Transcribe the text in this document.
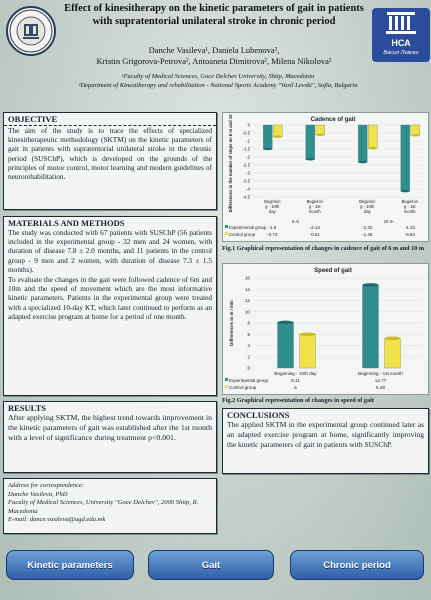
НСА
Васил Левски
Effect of kinesitherapy on the kinetic parameters of gait in patients with supratentorial unilateral stroke in chronic period
Danche Vasileva¹, Daniela Lubenova²,
Kristin Grigorova-Petrova², Antoaneta Dimitrova², Milena Nikolova²
¹Faculty of Medical Sciences, Goce Delchev University, Shtip, Macedonia
²Department of Kinesitherapy and rehabilitation - National Sports Academy "Vasil Levski", Sofia, Bulgaria
OBJECTIVE
The aim of the study is to trace the effects of specialized kinesitherapeutic methodology (SKTM) on the kinetic parameters of gait in patients with supratentorial unilateral stroke in the chronic period (SUSChP), which is developed on the grounds of the principles of motor control, motor learning and modern guidelines of neurorehabilitation.
MATERIALS AND METHODS
The study was conducted with 67 patients with SUSChP (56 patients included in the experimental group - 32 men and 24 women, with duration of disease 7.8 ± 2.0 months, and 11 patients in the control group - 9 men and 2 women, with duration of disease 7.3 ± 1.5 months).
To evaluate the changes in the gait were followed cadence of 6m and 10m and the speed of movement which are the most informative kinetic parameters. Patients in the experimental group were treated with a specialized 10-day KT, which later continued to perform as an adapted exercise program at home for a period of one month.
RESULTS
After applying SKTM, the highest trend towards improvement in the kinetic parameters of gait was established after the 1st month with a level of significance during treatment p<0.001.
Address for correspondence:
Danche Vasileva, PhD
Faculty of Medical Sciences, University "Goce Delchev", 2000 Shtip, R. Macedonia
E-mail: dance.vasileva@ugd.edu.mk
Cadence of gait
Differences in the number of steps on 6 m and 10 m	0
-0.5
-1
-1.5
-2
-2.5
-3
-3.5
-4
-4.5
Beginnin g - 10th day
Beginnin g - 1st month
Beginnin g - 10th day
Beginnin g - 1st month
6 m	10 m
Experimental group -1.5	-2.14	-2.32	-4.13
Control group	-0.73	-0.61	-1.45	-0.64
Fig.1 Graphical representation of changes in cadence of gait of 6 m and 10 m
Speed of gait
Differences in m / min
0
2
4
6
8
10
12
14
16
Beginning - 10th day	Beginning - 1st month
Experimental group	8.11	14.77
Control group	6	5.28
Fig.2 Graphical representation of changes in speed of gait
CONCLUSIONS
The applied SKTM in the experimental group continued later as an adapted exercise program at home, significantly improving the kinetic parameters of gait in patients with SUSChP.
Kinetic parameters	Gait	Chronic period
